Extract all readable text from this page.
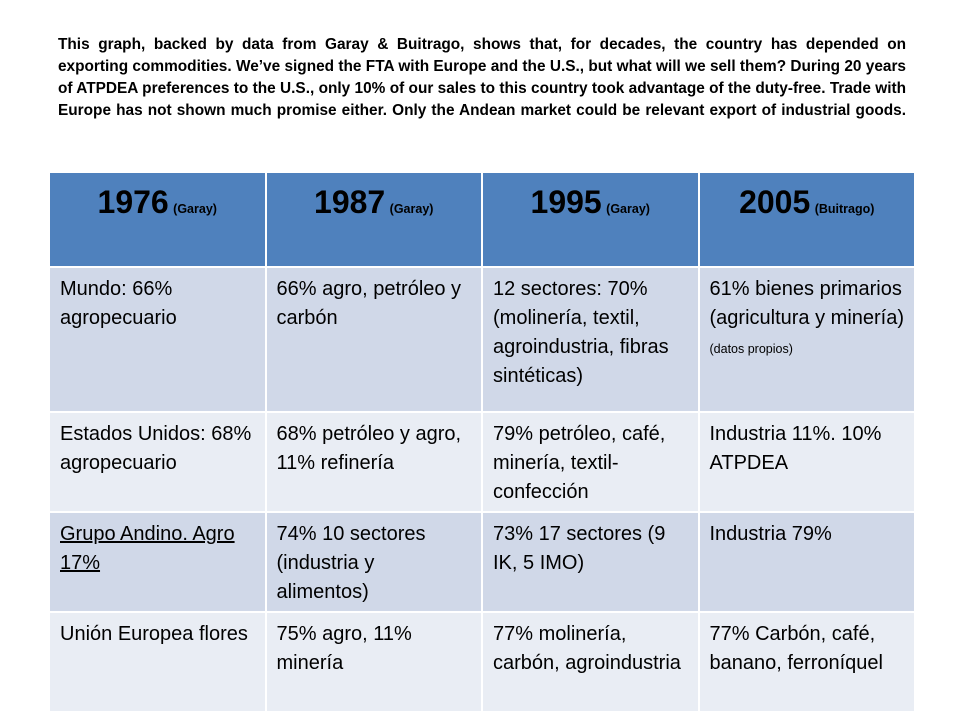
This graph, backed by data from Garay & Buitrago, shows that, for decades, the country has depended on exporting commodities. We’ve signed the FTA with Europe and the U.S., but what will we sell them? During 20 years of ATPDEA preferences to the U.S., only 10% of our sales to this country took advantage of the duty-free. Trade with Europe has not shown much promise either. Only the Andean market could be relevant export of industrial goods.

1976 (Garay)	1987 (Garay)	1995 (Garay)	2005 (Buitrago)
Mundo: 66% agropecuario	66% agro, petróleo y carbón	12 sectores: 70% (molinería, textil, agroindustria, fibras sintéticas)	61% bienes primarios (agricultura y minería) (datos propios)
Estados Unidos: 68% agropecuario	68% petróleo y agro, 11% refinería	79% petróleo, café, minería, textil-confección	Industria 11%. 10% ATPDEA
Grupo Andino. Agro 17%	74% 10 sectores (industria y alimentos)	73% 17 sectores (9 IK, 5 IMO)	Industria 79%
Unión Europea flores	75% agro, 11% minería	77% molinería, carbón, agroindustria	77% Carbón, café, banano, ferroníquel
